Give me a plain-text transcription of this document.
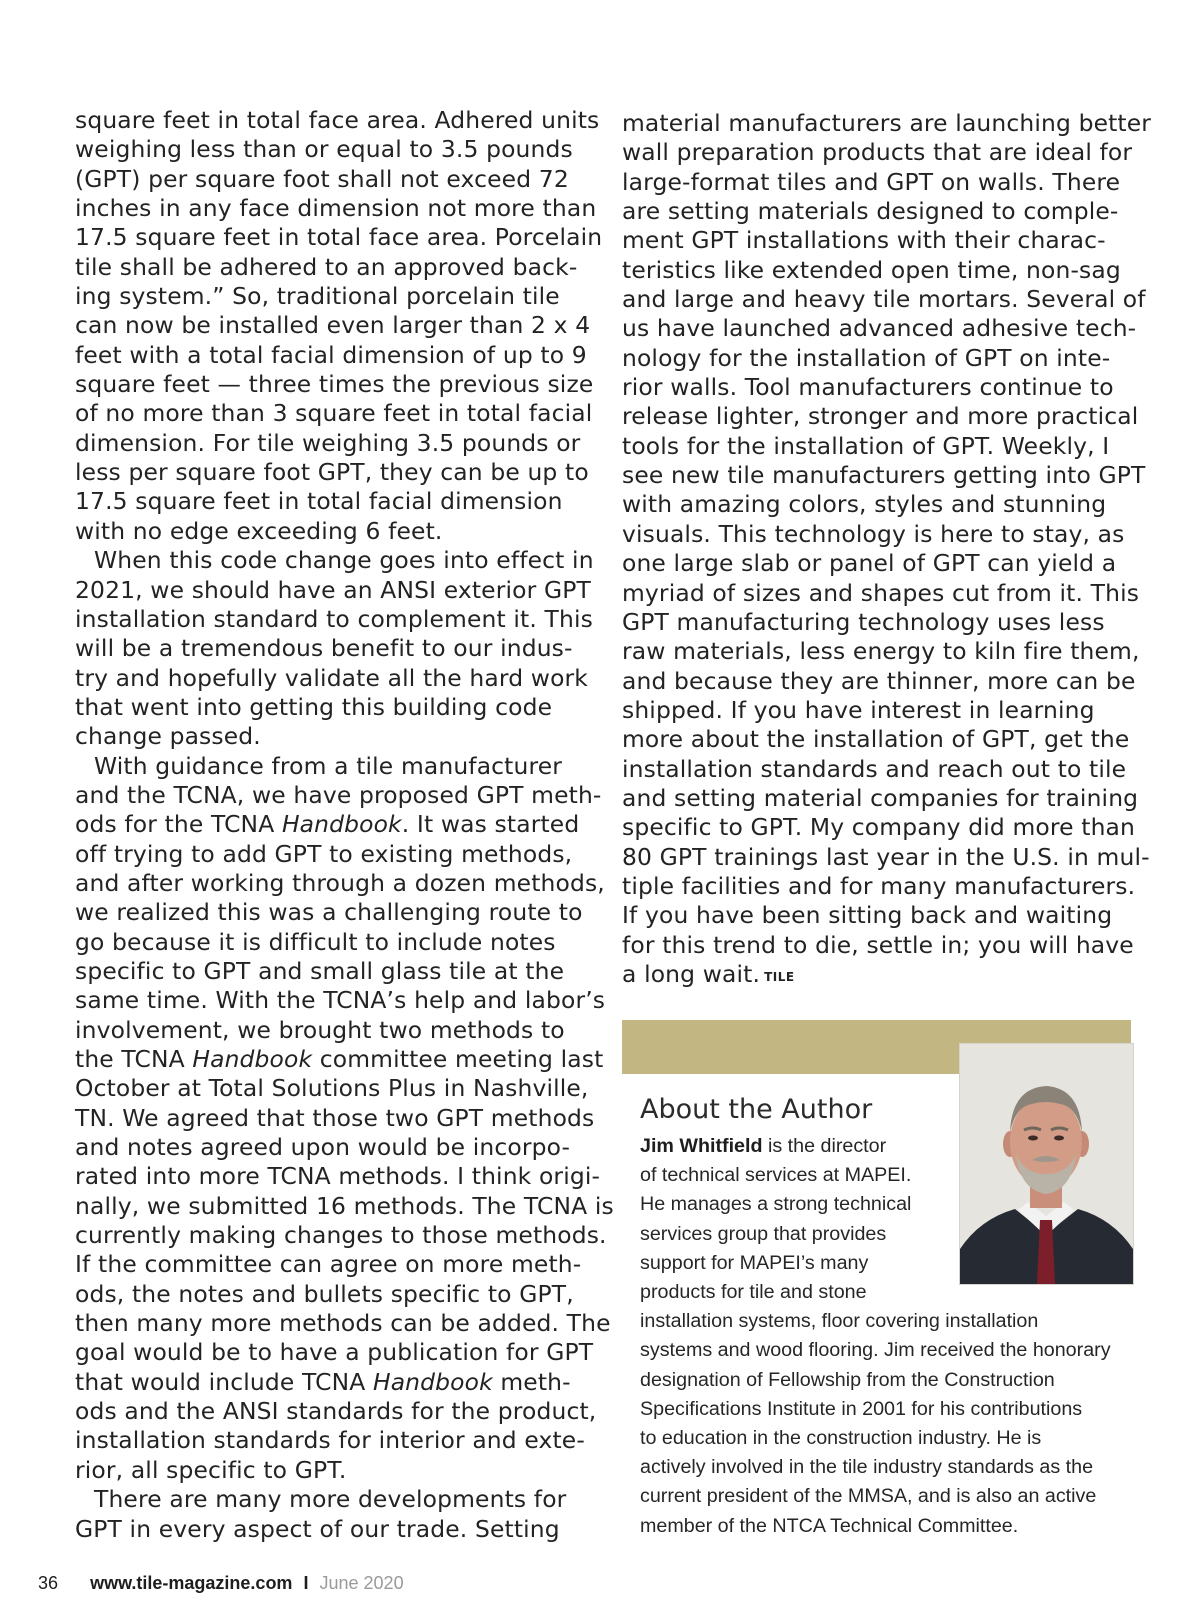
square feet in total face area. Adhered units
weighing less than or equal to 3.5 pounds
(GPT) per square foot shall not exceed 72
inches in any face dimension not more than
17.5 square feet in total face area. Porcelain
tile shall be adhered to an approved back-
ing system.” So, traditional porcelain tile
can now be installed even larger than 2 x 4
feet with a total facial dimension of up to 9
square feet — three times the previous size
of no more than 3 square feet in total facial
dimension. For tile weighing 3.5 pounds or
less per square foot GPT, they can be up to
17.5 square feet in total facial dimension
with no edge exceeding 6 feet.
When this code change goes into effect in
2021, we should have an ANSI exterior GPT
installation standard to complement it. This
will be a tremendous benefit to our indus-
try and hopefully validate all the hard work
that went into getting this building code
change passed.
With guidance from a tile manufacturer
and the TCNA, we have proposed GPT meth-
ods for the TCNA Handbook. It was started
off trying to add GPT to existing methods,
and after working through a dozen methods,
we realized this was a challenging route to
go because it is difficult to include notes
specific to GPT and small glass tile at the
same time. With the TCNA’s help and labor’s
involvement, we brought two methods to
the TCNA Handbook committee meeting last
October at Total Solutions Plus in Nashville,
TN. We agreed that those two GPT methods
and notes agreed upon would be incorpo-
rated into more TCNA methods. I think origi-
nally, we submitted 16 methods. The TCNA is
currently making changes to those methods.
If the committee can agree on more meth-
ods, the notes and bullets specific to GPT,
then many more methods can be added. The
goal would be to have a publication for GPT
that would include TCNA Handbook meth-
ods and the ANSI standards for the product,
installation standards for interior and exte-
rior, all specific to GPT.
There are many more developments for
GPT in every aspect of our trade. Setting
material manufacturers are launching better
wall preparation products that are ideal for
large-format tiles and GPT on walls. There
are setting materials designed to comple-
ment GPT installations with their charac-
teristics like extended open time, non-sag
and large and heavy tile mortars. Several of
us have launched advanced adhesive tech-
nology for the installation of GPT on inte-
rior walls. Tool manufacturers continue to
release lighter, stronger and more practical
tools for the installation of GPT. Weekly, I
see new tile manufacturers getting into GPT
with amazing colors, styles and stunning
visuals. This technology is here to stay, as
one large slab or panel of GPT can yield a
myriad of sizes and shapes cut from it. This
GPT manufacturing technology uses less
raw materials, less energy to kiln fire them,
and because they are thinner, more can be
shipped. If you have interest in learning
more about the installation of GPT, get the
installation standards and reach out to tile
and setting material companies for training
specific to GPT. My company did more than
80 GPT trainings last year in the U.S. in mul-
tiple facilities and for many manufacturers.
If you have been sitting back and waiting
for this trend to die, settle in; you will have
a long wait. TILE
About the Author
Jim Whitfield is the director
of technical services at MAPEI.
He manages a strong technical
services group that provides
support for MAPEI’s many
products for tile and stone
installation systems, floor covering installation
systems and wood flooring. Jim received the honorary
designation of Fellowship from the Construction
Specifications Institute in 2001 for his contributions
to education in the construction industry. He is
actively involved in the tile industry standards as the
current president of the MMSA, and is also an active
member of the NTCA Technical Committee.
36 www.tile-magazine.com I June 2020
